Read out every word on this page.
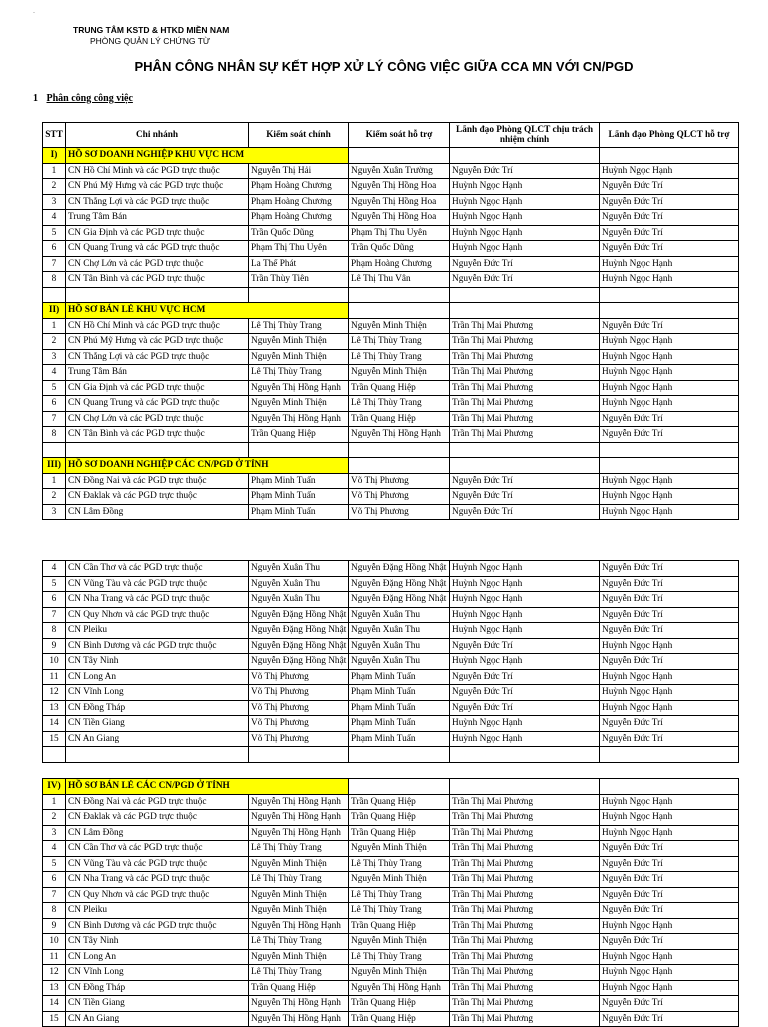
·
TRUNG TÂM KSTD & HTKD MIỀN NAM
PHÒNG QUẢN LÝ CHỨNG TỪ
PHÂN CÔNG NHÂN SỰ KẾT HỢP XỬ LÝ CÔNG VIỆC GIỮA CCA MN VỚI CN/PGD
1 Phân công công việc
STT	Chi nhánh	Kiểm soát chính	Kiểm soát hỗ trợ	Lãnh đạo Phòng QLCT chịu trách nhiệm chính	Lãnh đạo Phòng QLCT hỗ trợ
I)	HỒ SƠ DOANH NGHIỆP KHU VỰC HCM				
1	CN Hồ Chí Minh và các PGD trực thuộc	Nguyễn Thị Hải	Nguyễn Xuân Trường	Nguyễn Đức Trí	Huỳnh Ngọc Hạnh
2	CN Phú Mỹ Hưng và các PGD trực thuộc	Phạm Hoàng Chương	Nguyễn Thị Hồng Hoa	Huỳnh Ngọc Hạnh	Nguyễn Đức Trí
3	CN Thắng Lợi và các PGD trực thuộc	Phạm Hoàng Chương	Nguyễn Thị Hồng Hoa	Huỳnh Ngọc Hạnh	Nguyễn Đức Trí
4	Trung Tâm Bán	Phạm Hoàng Chương	Nguyễn Thị Hồng Hoa	Huỳnh Ngọc Hạnh	Nguyễn Đức Trí
5	CN Gia Định và các PGD trực thuộc	Trần Quốc Dũng	Phạm Thị Thu Uyên	Huỳnh Ngọc Hạnh	Nguyễn Đức Trí
6	CN Quang Trung và các PGD trực thuộc	Phạm Thị Thu Uyên	Trần Quốc Dũng	Huỳnh Ngọc Hạnh	Nguyễn Đức Trí
7	CN Chợ Lớn và các PGD trực thuộc	La Thế Phát	Phạm Hoàng Chương	Nguyễn Đức Trí	Huỳnh Ngọc Hạnh
8	CN Tân Bình và các PGD trực thuộc	Trần Thùy Tiên	Lê Thị Thu Vân	Nguyễn Đức Trí	Huỳnh Ngọc Hạnh

II)	HỒ SƠ BÁN LẺ KHU VỰC HCM				
1	CN Hồ Chí Minh và các PGD trực thuộc	Lê Thị Thùy Trang	Nguyễn Minh Thiện	Trần Thị Mai Phương	Nguyễn Đức Trí
2	CN Phú Mỹ Hưng và các PGD trực thuộc	Nguyễn Minh Thiện	Lê Thị Thùy Trang	Trần Thị Mai Phương	Huỳnh Ngọc Hạnh
3	CN Thắng Lợi và các PGD trực thuộc	Nguyễn Minh Thiện	Lê Thị Thùy Trang	Trần Thị Mai Phương	Huỳnh Ngọc Hạnh
4	Trung Tâm Bán	Lê Thị Thùy Trang	Nguyễn Minh Thiện	Trần Thị Mai Phương	Huỳnh Ngọc Hạnh
5	CN Gia Định và các PGD trực thuộc	Nguyễn Thị Hồng Hạnh	Trần Quang Hiệp	Trần Thị Mai Phương	Huỳnh Ngọc Hạnh
6	CN Quang Trung và các PGD trực thuộc	Nguyễn Minh Thiện	Lê Thị Thùy Trang	Trần Thị Mai Phương	Huỳnh Ngọc Hạnh
7	CN Chợ Lớn và các PGD trực thuộc	Nguyễn Thị Hồng Hạnh	Trần Quang Hiệp	Trần Thị Mai Phương	Nguyễn Đức Trí
8	CN Tân Bình và các PGD trực thuộc	Trần Quang Hiệp	Nguyễn Thị Hồng Hạnh	Trần Thị Mai Phương	Nguyễn Đức Trí

III)	HỒ SƠ DOANH NGHIỆP CÁC CN/PGD Ở TỈNH				
1	CN Đồng Nai và các PGD trực thuộc	Phạm Minh Tuấn	Võ Thị Phương	Nguyễn Đức Trí	Huỳnh Ngọc Hạnh
2	CN Đaklak và các PGD trực thuộc	Phạm Minh Tuấn	Võ Thị Phương	Nguyễn Đức Trí	Huỳnh Ngọc Hạnh
3	CN Lâm Đồng	Phạm Minh Tuấn	Võ Thị Phương	Nguyễn Đức Trí	Huỳnh Ngọc Hạnh
4	CN Cần Thơ và các PGD trực thuộc	Nguyễn Xuân Thu	Nguyễn Đặng Hồng Nhật	Huỳnh Ngọc Hạnh	Nguyễn Đức Trí
5	CN Vũng Tàu và các PGD trực thuộc	Nguyễn Xuân Thu	Nguyễn Đặng Hồng Nhật	Huỳnh Ngọc Hạnh	Nguyễn Đức Trí
6	CN Nha Trang và các PGD trực thuộc	Nguyễn Xuân Thu	Nguyễn Đặng Hồng Nhật	Huỳnh Ngọc Hạnh	Nguyễn Đức Trí
7	CN Quy Nhơn và các PGD trực thuộc	Nguyễn Đặng Hồng Nhật	Nguyễn Xuân Thu	Huỳnh Ngọc Hạnh	Nguyễn Đức Trí
8	CN Pleiku	Nguyễn Đặng Hồng Nhật	Nguyễn Xuân Thu	Huỳnh Ngọc Hạnh	Nguyễn Đức Trí
9	CN Bình Dương và các PGD trực thuộc	Nguyễn Đặng Hồng Nhật	Nguyễn Xuân Thu	Nguyễn Đức Trí	Huỳnh Ngọc Hạnh
10	CN Tây Ninh	Nguyễn Đặng Hồng Nhật	Nguyễn Xuân Thu	Huỳnh Ngọc Hạnh	Nguyễn Đức Trí
11	CN Long An	Võ Thị Phương	Phạm Minh Tuấn	Nguyễn Đức Trí	Huỳnh Ngọc Hạnh
12	CN Vĩnh Long	Võ Thị Phương	Phạm Minh Tuấn	Nguyễn Đức Trí	Huỳnh Ngọc Hạnh
13	CN Đồng Tháp	Võ Thị Phương	Phạm Minh Tuấn	Nguyễn Đức Trí	Huỳnh Ngọc Hạnh
14	CN Tiền Giang	Võ Thị Phương	Phạm Minh Tuấn	Huỳnh Ngọc Hạnh	Nguyễn Đức Trí
15	CN An Giang	Võ Thị Phương	Phạm Minh Tuấn	Huỳnh Ngọc Hạnh	Nguyễn Đức Trí

IV)	HỒ SƠ BÁN LẺ CÁC CN/PGD Ở TỈNH				
1	CN Đồng Nai và các PGD trực thuộc	Nguyễn Thị Hồng Hạnh	Trần Quang Hiệp	Trần Thị Mai Phương	Huỳnh Ngọc Hạnh
2	CN Đaklak và các PGD trực thuộc	Nguyễn Thị Hồng Hạnh	Trần Quang Hiệp	Trần Thị Mai Phương	Huỳnh Ngọc Hạnh
3	CN Lâm Đồng	Nguyễn Thị Hồng Hạnh	Trần Quang Hiệp	Trần Thị Mai Phương	Huỳnh Ngọc Hạnh
4	CN Cần Thơ và các PGD trực thuộc	Lê Thị Thùy Trang	Nguyễn Minh Thiện	Trần Thị Mai Phương	Nguyễn Đức Trí
5	CN Vũng Tàu và các PGD trực thuộc	Nguyễn Minh Thiện	Lê Thị Thùy Trang	Trần Thị Mai Phương	Nguyễn Đức Trí
6	CN Nha Trang và các PGD trực thuộc	Lê Thị Thùy Trang	Nguyễn Minh Thiện	Trần Thị Mai Phương	Nguyễn Đức Trí
7	CN Quy Nhơn và các PGD trực thuộc	Nguyễn Minh Thiện	Lê Thị Thùy Trang	Trần Thị Mai Phương	Nguyễn Đức Trí
8	CN Pleiku	Nguyễn Minh Thiện	Lê Thị Thùy Trang	Trần Thị Mai Phương	Nguyễn Đức Trí
9	CN Bình Dương và các PGD trực thuộc	Nguyễn Thị Hồng Hạnh	Trần Quang Hiệp	Trần Thị Mai Phương	Huỳnh Ngọc Hạnh
10	CN Tây Ninh	Lê Thị Thùy Trang	Nguyễn Minh Thiện	Trần Thị Mai Phương	Nguyễn Đức Trí
11	CN Long An	Nguyễn Minh Thiện	Lê Thị Thùy Trang	Trần Thị Mai Phương	Huỳnh Ngọc Hạnh
12	CN Vĩnh Long	Lê Thị Thùy Trang	Nguyễn Minh Thiện	Trần Thị Mai Phương	Huỳnh Ngọc Hạnh
13	CN Đồng Tháp	Trần Quang Hiệp	Nguyễn Thị Hồng Hạnh	Trần Thị Mai Phương	Huỳnh Ngọc Hạnh
14	CN Tiền Giang	Nguyễn Thị Hồng Hạnh	Trần Quang Hiệp	Trần Thị Mai Phương	Nguyễn Đức Trí
15	CN An Giang	Nguyễn Thị Hồng Hạnh	Trần Quang Hiệp	Trần Thị Mai Phương	Nguyễn Đức Trí
